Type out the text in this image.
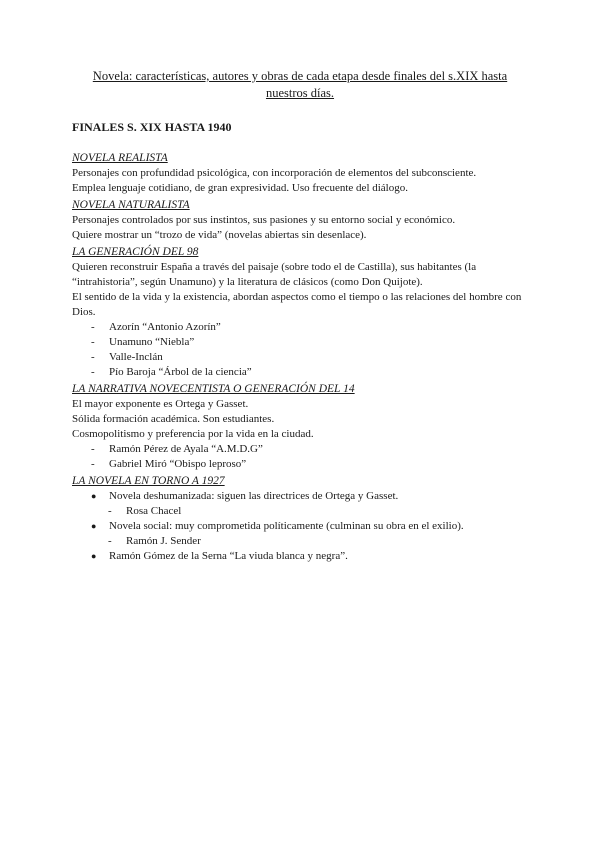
Novela: características, autores y obras de cada etapa desde finales del s.XIX hasta nuestros días.
FINALES S. XIX HASTA 1940
NOVELA REALISTA
Personajes con profundidad psicológica, con incorporación de elementos del subconsciente.
Emplea lenguaje cotidiano, de gran expresividad. Uso frecuente del diálogo.
NOVELA NATURALISTA
Personajes controlados por sus instintos, sus pasiones y su entorno social y económico.
Quiere mostrar un “trozo de vida” (novelas abiertas sin desenlace).
LA GENERACIÓN DEL 98
Quieren reconstruir España a través del paisaje (sobre todo el de Castilla), sus habitantes (la “intrahistoria”, según Unamuno) y la literatura de clásicos (como Don Quijote).
El sentido de la vida y la existencia, abordan aspectos como el tiempo o las relaciones del hombre con Dios.
- Azorín “Antonio Azorín”
- Unamuno “Niebla”
- Valle-Inclán
- Pío Baroja “Árbol de la ciencia”
LA NARRATIVA NOVECENTISTA O GENERACIÓN DEL 14
El mayor exponente es Ortega y Gasset.
Sólida formación académica. Son estudiantes.
Cosmopolitismo y preferencia por la vida en la ciudad.
- Ramón Pérez de Ayala “A.M.D.G”
- Gabriel Miró “Obispo leproso”
LA NOVELA EN TORNO A 1927
● Novela deshumanizada: siguen las directrices de Ortega y Gasset.
- Rosa Chacel
● Novela social: muy comprometida políticamente (culminan su obra en el exilio).
- Ramón J. Sender
● Ramón Gómez de la Serna “La viuda blanca y negra”.
